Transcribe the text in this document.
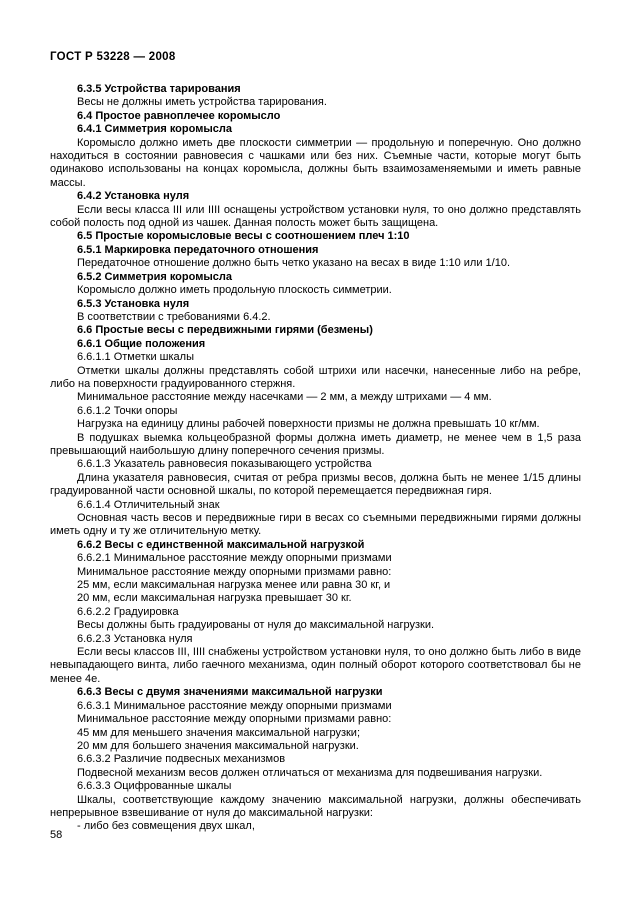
ГОСТ Р 53228 — 2008

6.3.5 Устройства тарирования

Весы не должны иметь устройства тарирования.

6.4 Простое равноплечее коромысло

6.4.1 Симметрия коромысла

Коромысло должно иметь две плоскости симметрии — продольную и поперечную. Оно должно находиться в состоянии равновесия с чашками или без них. Съемные части, которые могут быть одинаково использованы на концах коромысла, должны быть взаимозаменяемыми и иметь равные массы.

6.4.2 Установка нуля

Если весы класса III или IIII оснащены устройством установки нуля, то оно должно представлять собой полость под одной из чашек. Данная полость может быть защищена.

6.5 Простые коромысловые весы с соотношением плеч 1:10

6.5.1 Маркировка передаточного отношения

Передаточное отношение должно быть четко указано на весах в виде 1:10 или 1/10.

6.5.2 Симметрия коромысла

Коромысло должно иметь продольную плоскость симметрии.

6.5.3 Установка нуля

В соответствии с требованиями 6.4.2.

6.6 Простые весы с передвижными гирями (безмены)

6.6.1 Общие положения

6.6.1.1 Отметки шкалы

Отметки шкалы должны представлять собой штрихи или насечки, нанесенные либо на ребре, либо на поверхности градуированного стержня.

Минимальное расстояние между насечками — 2 мм, а между штрихами — 4 мм.

6.6.1.2 Точки опоры

Нагрузка на единицу длины рабочей поверхности призмы не должна превышать 10 кг/мм.

В подушках выемка кольцеобразной формы должна иметь диаметр, не менее чем в 1,5 раза превышающий наибольшую длину поперечного сечения призмы.

6.6.1.3 Указатель равновесия показывающего устройства

Длина указателя равновесия, считая от ребра призмы весов, должна быть не менее 1/15 длины градуированной части основной шкалы, по которой перемещается передвижная гиря.

6.6.1.4 Отличительный знак

Основная часть весов и передвижные гири в весах со съемными передвижными гирями должны иметь одну и ту же отличительную метку.

6.6.2 Весы с единственной максимальной нагрузкой

6.6.2.1 Минимальное расстояние между опорными призмами

Минимальное расстояние между опорными призмами равно:

25 мм, если максимальная нагрузка менее или равна 30 кг, и

20 мм, если максимальная нагрузка превышает 30 кг.

6.6.2.2 Градуировка

Весы должны быть градуированы от нуля до максимальной нагрузки.

6.6.2.3 Установка нуля

Если весы классов III, IIII снабжены устройством установки нуля, то оно должно быть либо в виде невыпадающего винта, либо гаечного механизма, один полный оборот которого соответствовал бы не менее 4е.

6.6.3 Весы с двумя значениями максимальной нагрузки

6.6.3.1 Минимальное расстояние между опорными призмами

Минимальное расстояние между опорными призмами равно:

45 мм для меньшего значения максимальной нагрузки;

20 мм для большего значения максимальной нагрузки.

6.6.3.2 Различие подвесных механизмов

Подвесной механизм весов должен отличаться от механизма для подвешивания нагрузки.

6.6.3.3 Оцифрованные шкалы

Шкалы, соответствующие каждому значению максимальной нагрузки, должны обеспечивать непрерывное взвешивание от нуля до максимальной нагрузки:

- либо без совмещения двух шкал,

58
